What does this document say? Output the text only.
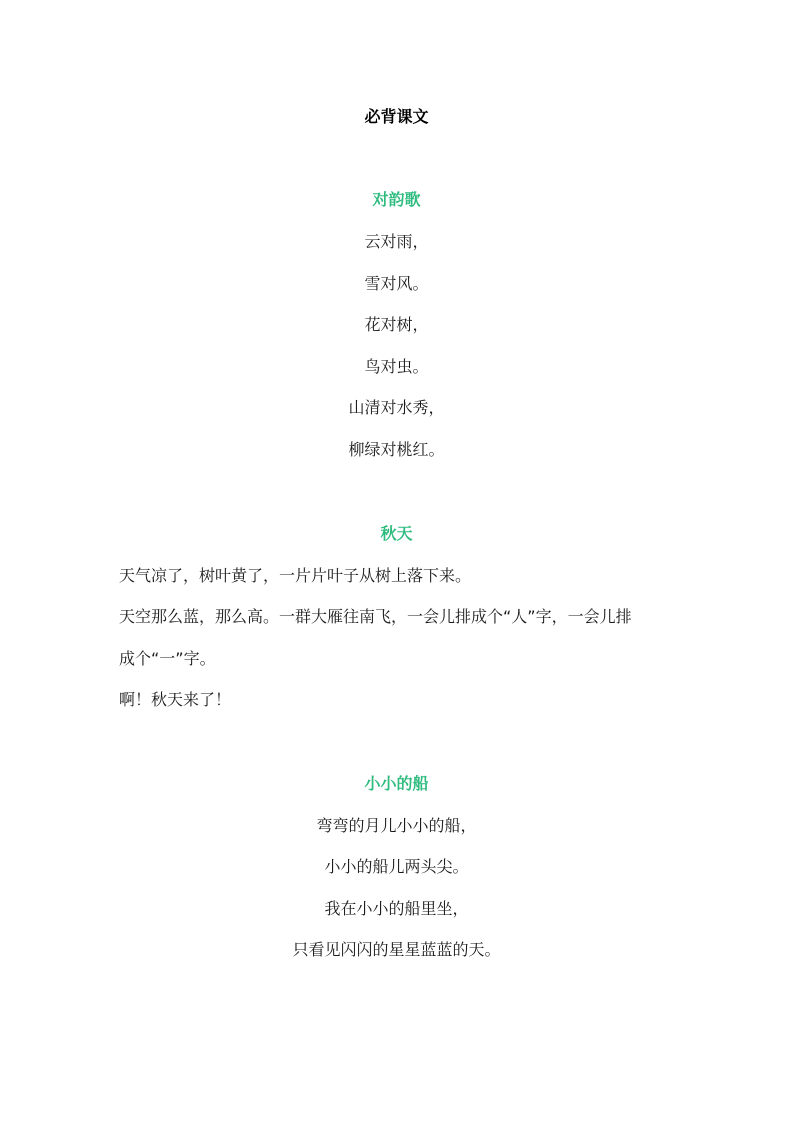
必背课文
对韵歌

云对雨，

雪对风。

花对树，

鸟对虫。

山清对水秀，

柳绿对桃红。

秋天

天气凉了，树叶黄了，一片片叶子从树上落下来。

天空那么蓝，那么高。一群大雁往南飞，一会儿排成个“人”字，一会儿排

成个“一”字。

啊！秋天来了！

小小的船

弯弯的月儿小小的船，

小小的船儿两头尖。

我在小小的船里坐，

只看见闪闪的星星蓝蓝的天。
